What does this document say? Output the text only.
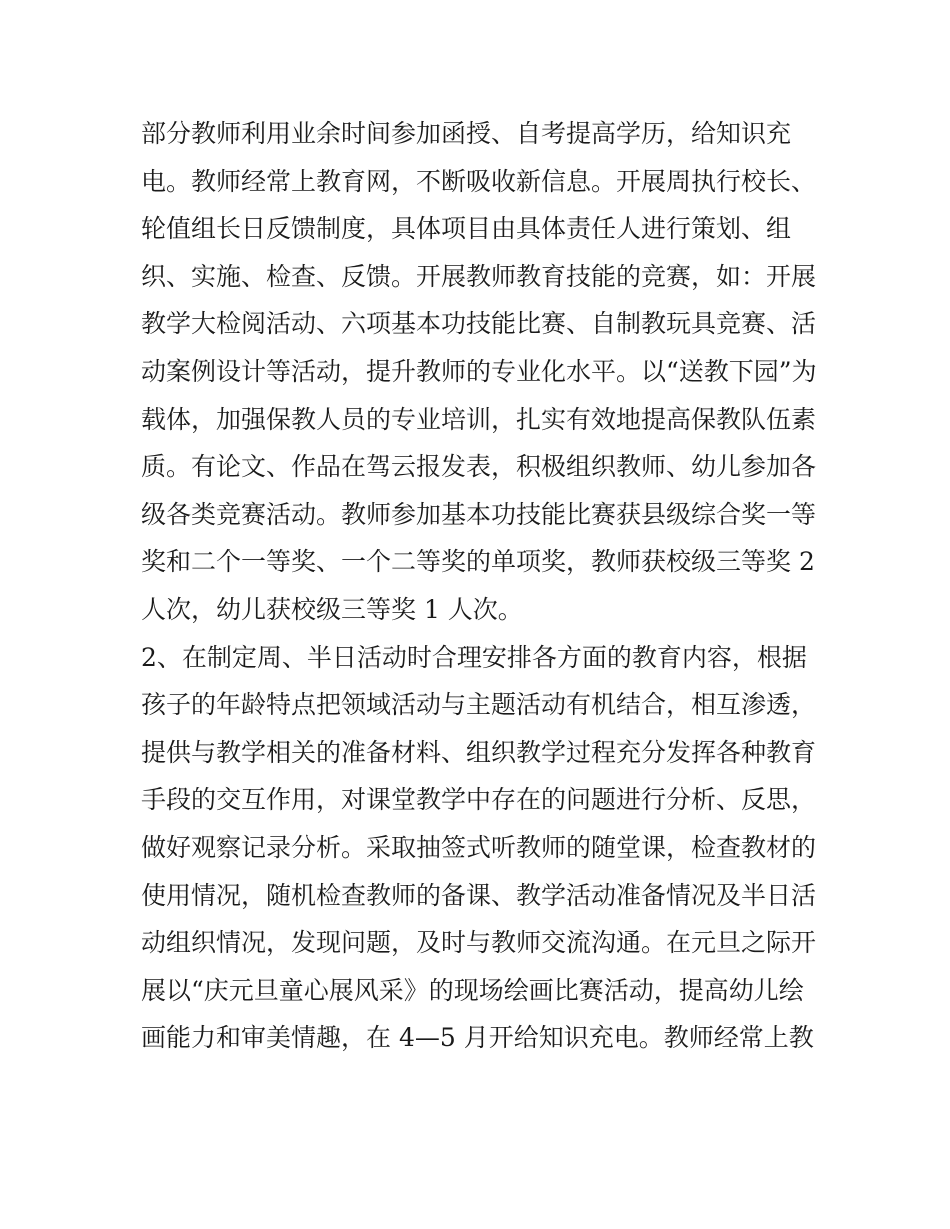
部分教师利用业余时间参加函授、自考提高学历，给知识充
电。教师经常上教育网，不断吸收新信息。开展周执行校长、
轮值组长日反馈制度，具体项目由具体责任人进行策划、组
织、实施、检查、反馈。开展教师教育技能的竞赛，如：开展
教学大检阅活动、六项基本功技能比赛、自制教玩具竞赛、活
动案例设计等活动，提升教师的专业化水平。以“送教下园”为
载体，加强保教人员的专业培训，扎实有效地提高保教队伍素
质。有论文、作品在驾云报发表，积极组织教师、幼儿参加各
级各类竞赛活动。教师参加基本功技能比赛获县级综合奖一等
奖和二个一等奖、一个二等奖的单项奖，教师获校级三等奖 2
人次，幼儿获校级三等奖 1 人次。
2、在制定周、半日活动时合理安排各方面的教育内容，根据
孩子的年龄特点把领域活动与主题活动有机结合，相互渗透，
提供与教学相关的准备材料、组织教学过程充分发挥各种教育
手段的交互作用，对课堂教学中存在的问题进行分析、反思，
做好观察记录分析。采取抽签式听教师的随堂课，检查教材的
使用情况，随机检查教师的备课、教学活动准备情况及半日活
动组织情况，发现问题，及时与教师交流沟通。在元旦之际开
展以“庆元旦童心展风采》的现场绘画比赛活动，提高幼儿绘
画能力和审美情趣，在 4—5 月开给知识充电。教师经常上教
